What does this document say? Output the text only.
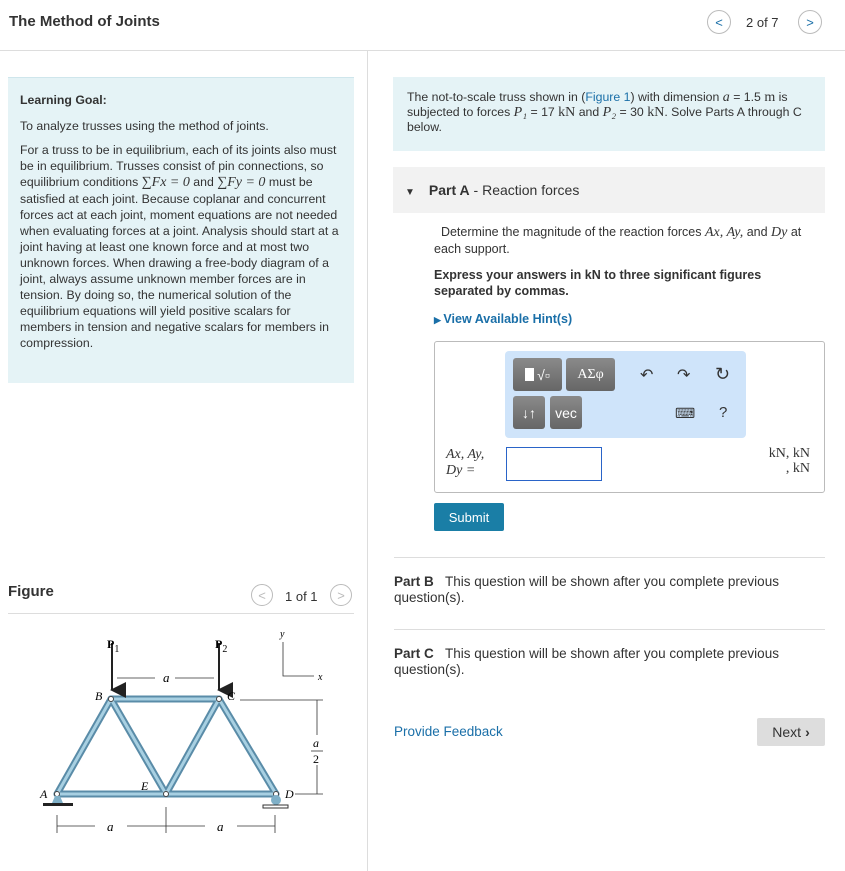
The Method of Joints	<	2 of 7	>

Learning Goal:

To analyze trusses using the method of joints.

For a truss to be in equilibrium, each of its joints also must be in equilibrium. Trusses consist of pin connections, so equilibrium conditions ∑Fx = 0 and ∑Fy = 0 must be satisfied at each joint. Because coplanar and concurrent forces act at each joint, moment equations are not needed when evaluating forces at a joint. Analysis should start at a joint having at least one known force and at most two unknown forces. When drawing a free-body diagram of a joint, always assume unknown member forces are in tension. By doing so, the numerical solution of the equilibrium equations will yield positive scalars for members in tension and negative scalars for members in compression.

Figure	<	1 of 1	>
$P_1$	$P_2$
a
B	C
A	D
E
y
x
a
2
a	a
The not-to-scale truss shown in (Figure 1) with dimension a = 1.5 m is subjected to forces P₁ = 17 kN and P₂ = 30 kN. Solve Parts A through C below.
▼ Part A - Reaction forces
Determine the magnitude of the reaction forces Ax, Ay, and Dy at each support.
Express your answers in kN to three significant figures separated by commas.
▶ View Available Hint(s)
√▫	ΑΣφ	↶ ↷ ↻
↓↑	vec	⌨ ?
Ax, Ay,
Dy =
kN, kN
, kN
Submit
Part B This question will be shown after you complete previous question(s).
Part C This question will be shown after you complete previous question(s).
Provide Feedback	Next ›
